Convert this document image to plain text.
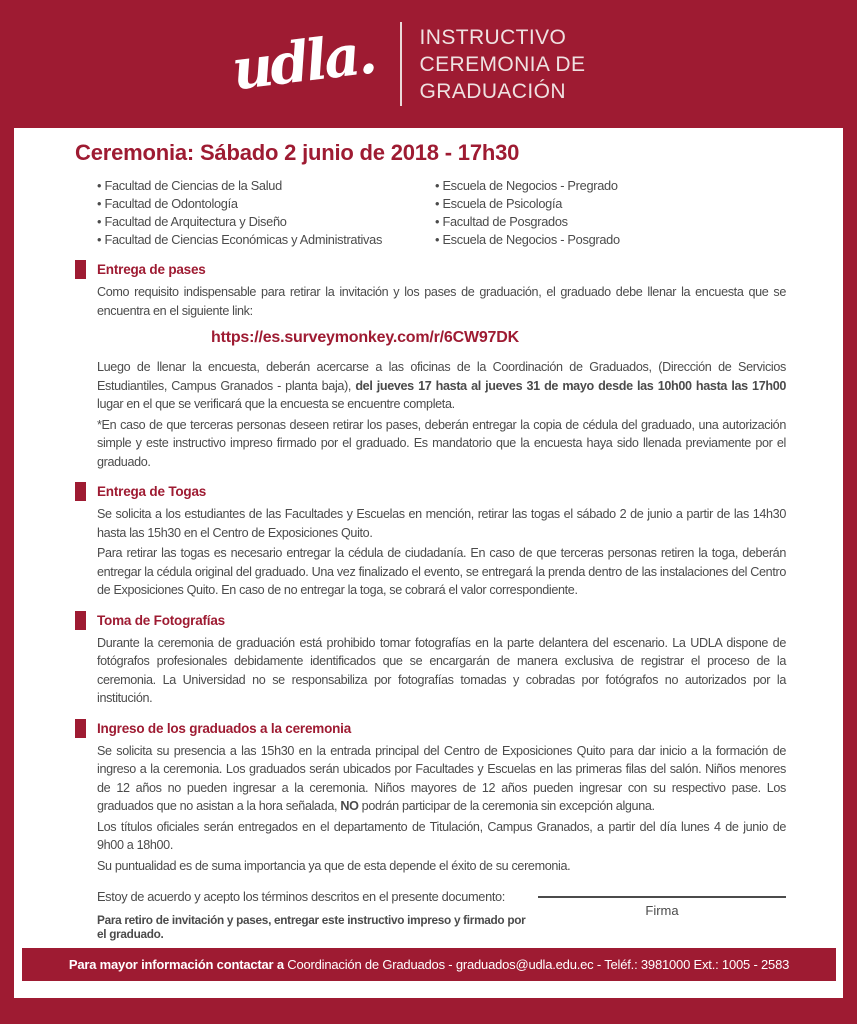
udla. INSTRUCTIVO
CEREMONIA DE
GRADUACIÓN
Ceremonia: Sábado 2 junio de 2018 - 17h30
• Facultad de Ciencias de la Salud
• Facultad de Odontología
• Facultad de Arquitectura y Diseño
• Facultad de Ciencias Económicas y Administrativas
• Escuela de Negocios - Pregrado
• Escuela de Psicología
• Facultad de Posgrados
• Escuela de Negocios - Posgrado
Entrega de pases

Como requisito indispensable para retirar la invitación y los pases de graduación, el graduado debe llenar la encuesta que se encuentra en el siguiente link:

https://es.surveymonkey.com/r/6CW97DK

Luego de llenar la encuesta, deberán acercarse a las oficinas de la Coordinación de Graduados, (Dirección de Servicios Estudiantiles, Campus Granados - planta baja), del jueves 17 hasta al jueves 31 de mayo desde las 10h00 hasta las 17h00 lugar en el que se verificará que la encuesta se encuentre completa.

*En caso de que terceras personas deseen retirar los pases, deberán entregar la copia de cédula del graduado, una autorización simple y este instructivo impreso firmado por el graduado. Es mandatorio que la encuesta haya sido llenada previamente por el graduado.

Entrega de Togas

Se solicita a los estudiantes de las Facultades y Escuelas en mención, retirar las togas el sábado 2 de junio a partir de las 14h30 hasta las 15h30 en el Centro de Exposiciones Quito.

Para retirar las togas es necesario entregar la cédula de ciudadanía. En caso de que terceras personas retiren la toga, deberán entregar la cédula original del graduado. Una vez finalizado el evento, se entregará la prenda dentro de las instalaciones del Centro de Exposiciones Quito. En caso de no entregar la toga, se cobrará el valor correspondiente.

Toma de Fotografías

Durante la ceremonia de graduación está prohibido tomar fotografías en la parte delantera del escenario. La UDLA dispone de fotógrafos profesionales debidamente identificados que se encargarán de manera exclusiva de registrar el proceso de la ceremonia. La Universidad no se responsabiliza por fotografías tomadas y cobradas por fotógrafos no autorizados por la institución.

Ingreso de los graduados a la ceremonia

Se solicita su presencia a las 15h30 en la entrada principal del Centro de Exposiciones Quito para dar inicio a la formación de ingreso a la ceremonia. Los graduados serán ubicados por Facultades y Escuelas en las primeras filas del salón. Niños menores de 12 años no pueden ingresar a la ceremonia. Niños mayores de 12 años pueden ingresar con su respectivo pase. Los graduados que no asistan a la hora señalada, NO podrán participar de la ceremonia sin excepción alguna.

Los títulos oficiales serán entregados en el departamento de Titulación, Campus Granados, a partir del día lunes 4 de junio de 9h00 a 18h00.

Su puntualidad es de suma importancia ya que de esta depende el éxito de su ceremonia.

Estoy de acuerdo y acepto los términos descritos en el presente documento:

Para retiro de invitación y pases, entregar este instructivo impreso y firmado por el graduado.

Firma
Para mayor información contactar a Coordinación de Graduados - graduados@udla.edu.ec - Teléf.: 3981000 Ext.: 1005 - 2583
